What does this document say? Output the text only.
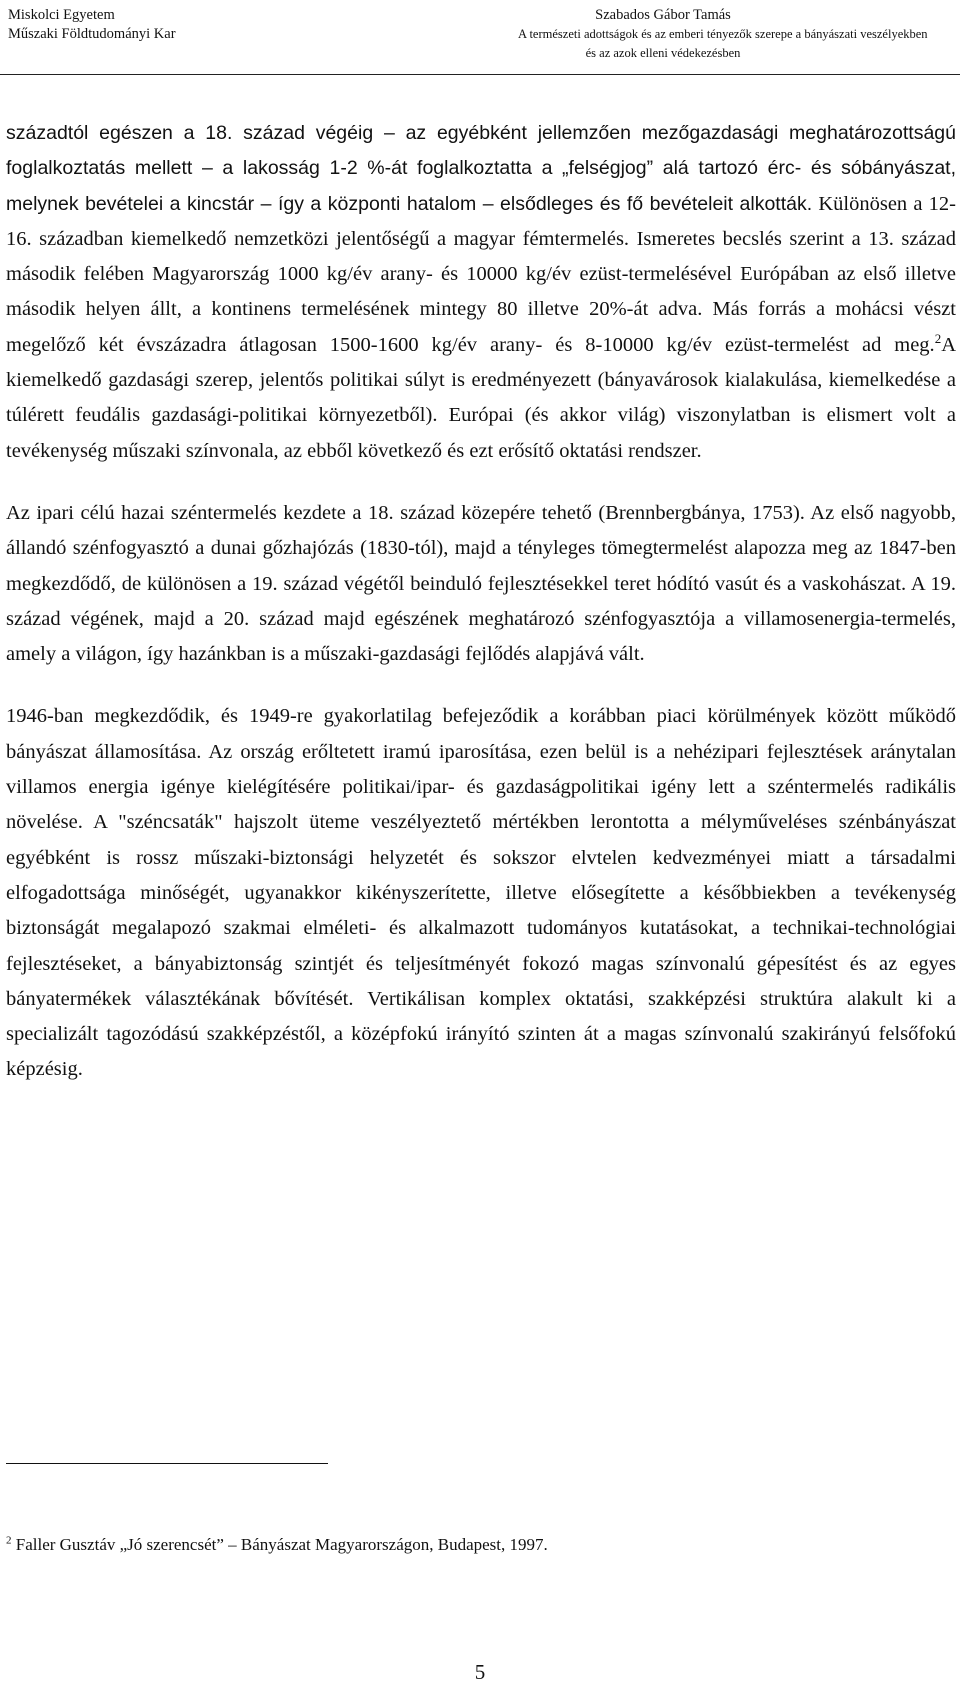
Miskolci Egyetem
Műszaki Földtudományi Kar
Szabados Gábor Tamás
A természeti adottságok és az emberi tényezők szerepe a bányászati veszélyekben
és az azok elleni védekezésben

századtól egészen a 18. század végéig – az egyébként jellemzően mezőgazdasági meghatározottságú foglalkoztatás mellett – a lakosság 1-2 %-át foglalkoztatta a „felségjog” alá tartozó érc- és sóbányászat, melynek bevételei a kincstár – így a központi hatalom – elsődleges és fő bevételeit alkották. Különösen a 12-16. században kiemelkedő nemzetközi jelentőségű a magyar fémtermelés. Ismeretes becslés szerint a 13. század második felében Magyarország 1000 kg/év arany- és 10000 kg/év ezüst-termelésével Európában az első illetve második helyen állt, a kontinens termelésének mintegy 80 illetve 20%-át adva. Más forrás a mohácsi vészt megelőző két évszázadra átlagosan 1500-1600 kg/év arany- és 8-10000 kg/év ezüst-termelést ad meg.$^2$A kiemelkedő gazdasági szerep, jelentős politikai súlyt is eredményezett (bányavárosok kialakulása, kiemelkedése a túlérett feudális gazdasági-politikai környezetből). Európai (és akkor világ) viszonylatban is elismert volt a tevékenység műszaki színvonala, az ebből következő és ezt erősítő oktatási rendszer.

Az ipari célú hazai széntermelés kezdete a 18. század közepére tehető (Brennbergbánya, 1753). Az első nagyobb, állandó szénfogyasztó a dunai gőzhajózás (1830-tól), majd a tényleges tömegtermelést alapozza meg az 1847-ben megkezdődő, de különösen a 19. század végétől beinduló fejlesztésekkel teret hódító vasút és a vaskohászat. A 19. század végének, majd a 20. század majd egészének meghatározó szénfogyasztója a villamosenergia-termelés, amely a világon, így hazánkban is a műszaki-gazdasági fejlődés alapjává vált.

1946-ban megkezdődik, és 1949-re gyakorlatilag befejeződik a korábban piaci körülmények között működő bányászat államosítása. Az ország erőltetett iramú iparosítása, ezen belül is a nehézipari fejlesztések aránytalan villamos energia igénye kielégítésére politikai/ipar- és gazdaságpolitikai igény lett a széntermelés radikális növelése. A "széncsaták" hajszolt üteme veszélyeztető mértékben lerontotta a mélyműveléses szénbányászat egyébként is rossz műszaki-biztonsági helyzetét és sokszor elvtelen kedvezményei miatt a társadalmi elfogadottsága minőségét, ugyanakkor kikényszerítette, illetve elősegítette a későbbiekben a tevékenység biztonságát megalapozó szakmai elméleti- és alkalmazott tudományos kutatásokat, a technikai-technológiai fejlesztéseket, a bányabiztonság szintjét és teljesítményét fokozó magas színvonalú gépesítést és az egyes bányatermékek választékának bővítését. Vertikálisan komplex oktatási, szakképzési struktúra alakult ki a specializált tagozódású szakképzéstől, a középfokú irányító szinten át a magas színvonalú szakirányú felsőfokú képzésig.

$^2$ Faller Gusztáv „Jó szerencsét” – Bányászat Magyarországon, Budapest, 1997.
5
